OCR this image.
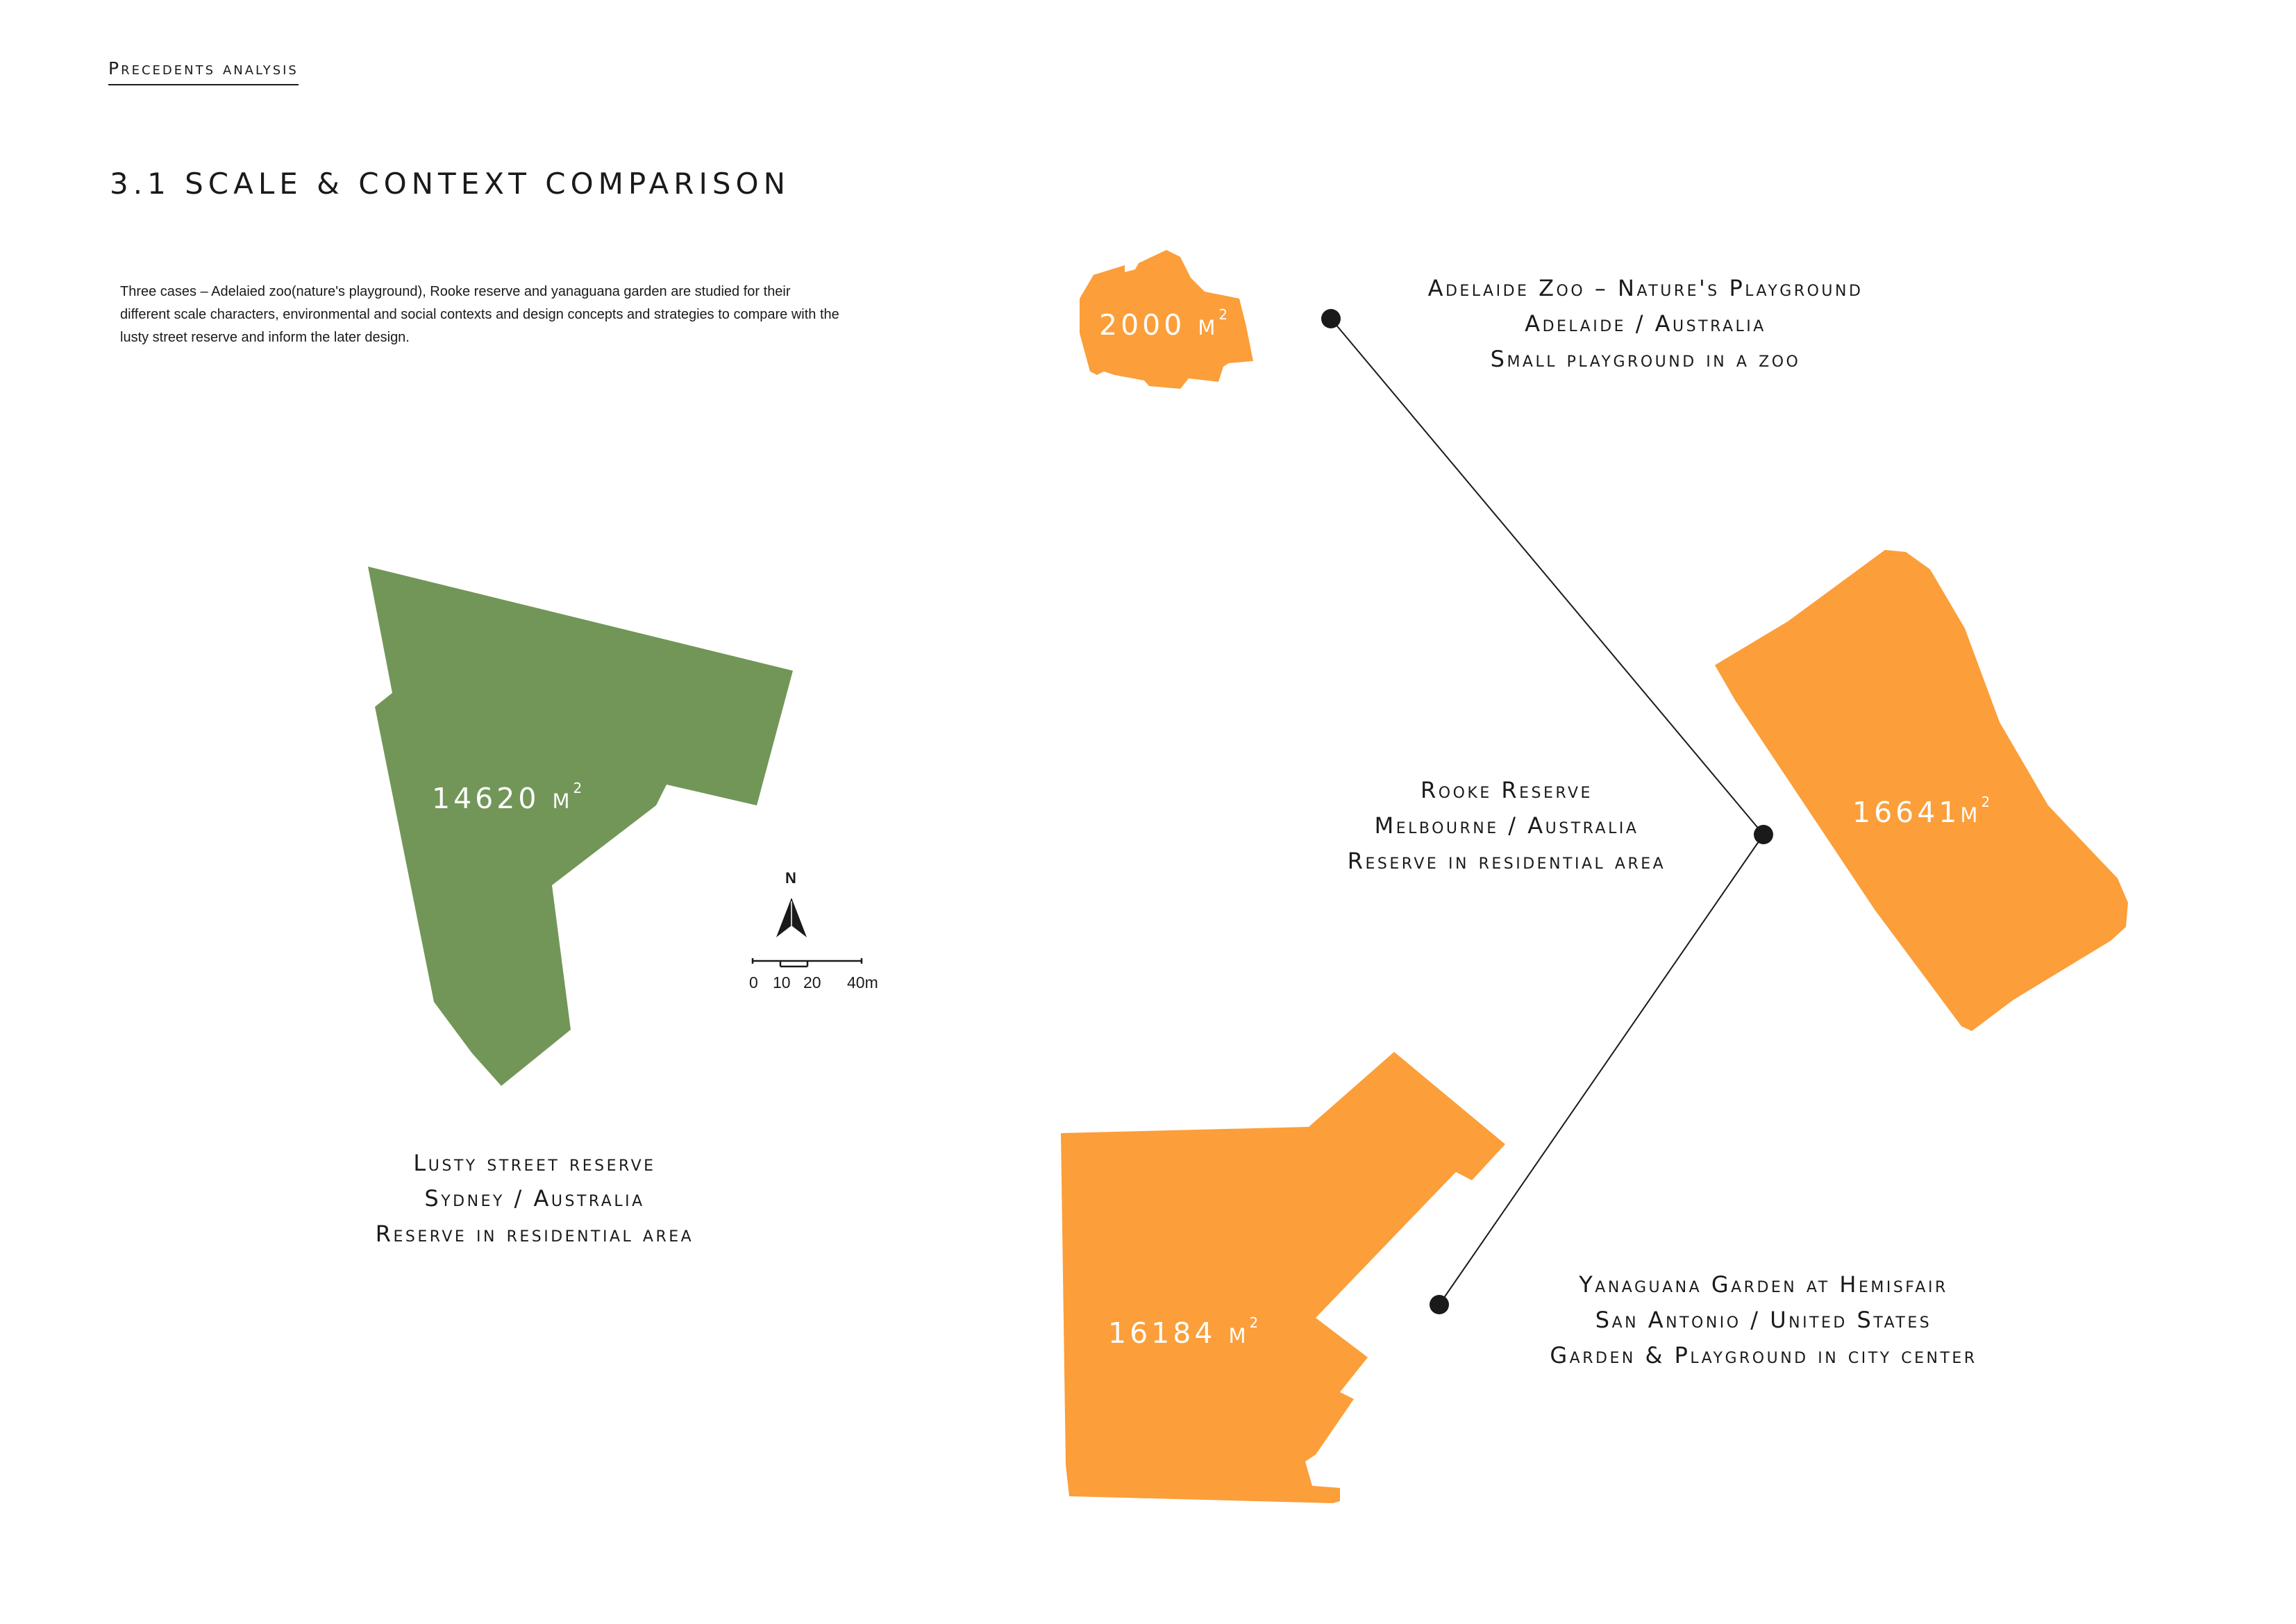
Precedents analysis
3.1 SCALE & CONTEXT COMPARISON
Three cases – Adelaied zoo(nature's playground), Rooke reserve and yanaguana garden are studied for their different scale characters, environmental and social contexts and design concepts and strategies to compare with the lusty street reserve and inform the later design.
N
0 10 20 40m
14620 $m^2$
2000 $m^2$
$16641m^2$
16184 $m^2$
Lusty street reserve
Sydney / Australia
Reserve in residential area
Adelaide Zoo – Nature's Playground
Adelaide / Australia
Small playground in a zoo
Rooke Reserve
Melbourne / Australia
Reserve in residential area
Yanaguana Garden at Hemisfair
San Antonio / United States
Garden & Playground in city center
